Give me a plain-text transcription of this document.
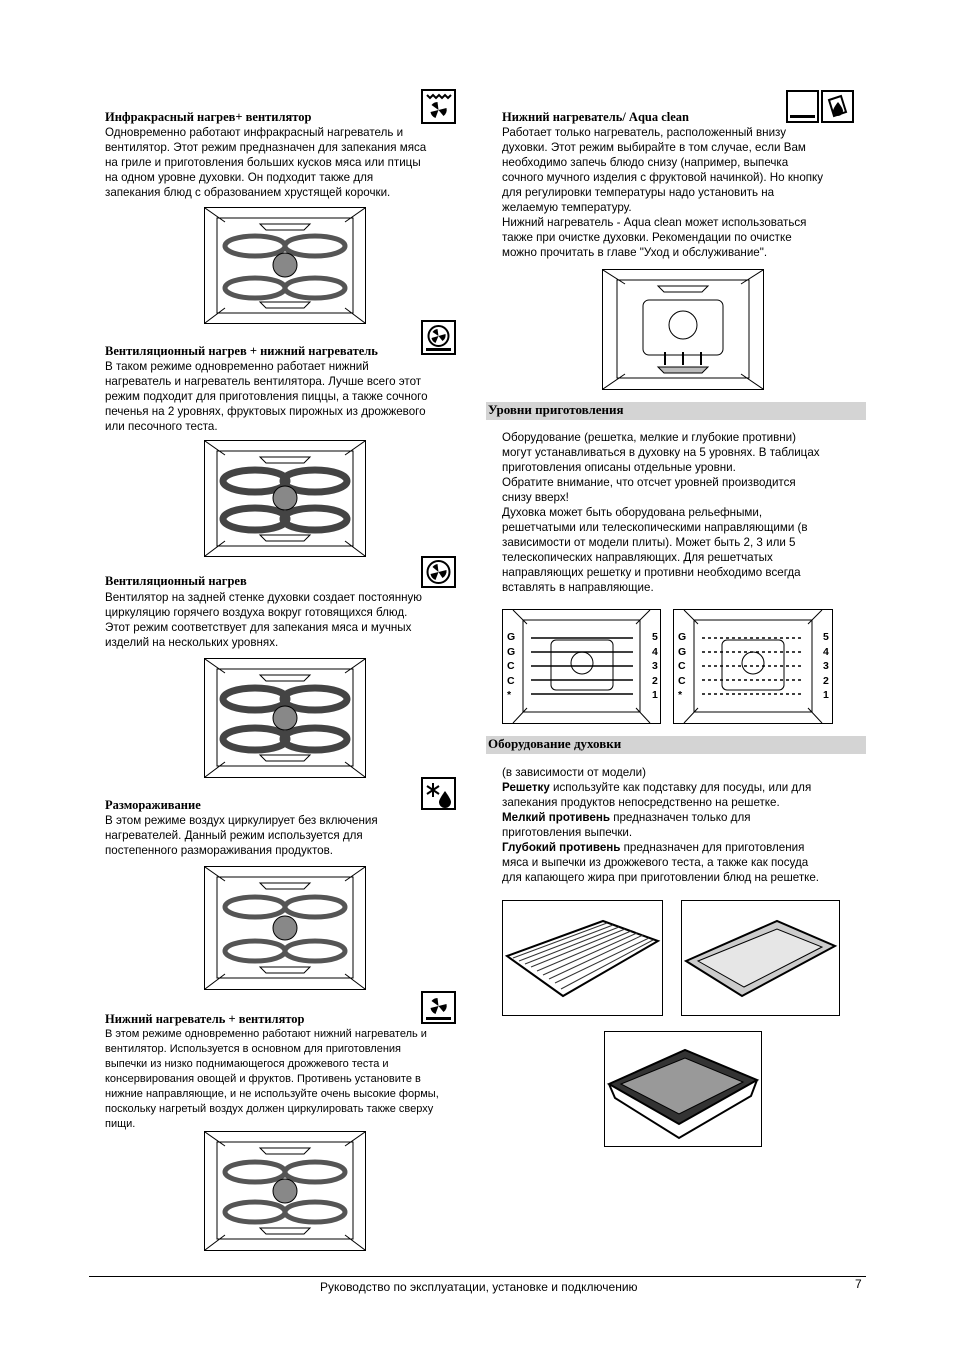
Инфракрасный нагрев+ вентилятор
Одновременно работают инфракрасный нагреватель и
вентилятор. Этот режим предназначен для запекания мяса
на гриле и приготовления больших кусков мяса или птицы
на одном уровне духовки. Он подходит также для
запекания блюд с образованием хрустящей корочки.
Вентиляционный нагрев + нижний нагреватель
В таком режиме одновременно работает нижний
нагреватель и нагреватель вентилятора. Лучше всего этот
режим подходит для приготовления пиццы, а также сочного
печенья на 2 уровнях, фруктовых пирожных из дрожжевого
или песочного теста.
Вентиляционный нагрев
Вентилятор на задней стенке духовки создает постоянную
циркуляцию горячего воздуха вокруг готовящихся блюд.
Этот режим соответствует для запекания мяса и мучных
изделий на нескольких уровнях.
Размораживание
В этом режиме воздух циркулирует без включения
нагревателей. Данный режим используется для
постепенного размораживания продуктов.
Нижний нагреватель + вентилятор
В этом режиме одновременно работают нижний нагреватель и
вентилятор. Используется в основном для приготовления
выпечки из низко поднимающегося дрожжевого теста и
консервирования овощей и фруктов. Противень установите в
нижние направляющие, и не используйте очень высокие формы,
поскольку нагретый воздух должен циркулировать также сверху
пищи.
Нижний нагреватель/ Aqua clean
Работает только нагреватель, расположенный внизу
духовки. Этот режим выбирайте в том случае, если Вам
необходимо запечь блюдо снизу (например, выпечка
сочного мучного изделия с фруктовой начинкой). Но кнопку
для регулировки температуры надо установить на
желаемую температуру.
Нижний нагреватель - Aqua clean может использоваться
также при очистке духовки. Рекомендации по очистке
можно прочитать в главе "Уход и обслуживание".
Уровни приготовления
Оборудование (решетка, мелкие и глубокие противни)
могут устанавливаться в духовку на 5 уровнях. В таблицах
приготовления описаны отдельные уровни.
Обратите внимание, что отсчет уровней производится
снизу вверх!
Духовка может быть оборудована рельефными,
решетчатыми или телескопическими направляющими (в
зависимости от модели плиты). Может быть 2, 3 или 5
телескопических направляющих. Для решетчатых
направляющих решетку и противни необходимо всегда
вставлять в направляющие.
G
G
C
C
*
5
4
3
2
1
G
G
C
C
*
5
4
3
2
1
Оборудование духовки
(в зависимости от модели)
Решетку используйте как подставку для посуды, или для
запекания продуктов непосредственно на решетке.
Мелкий противень предназначен только для
приготовления выпечки.
Глубокий противень предназначен для приготовления
мяса и выпечки из дрожжевого теста, а также как посуда
для капающего жира при приготовлении блюд на решетке.
Руководство по эксплуатации, установке и подключению	7
